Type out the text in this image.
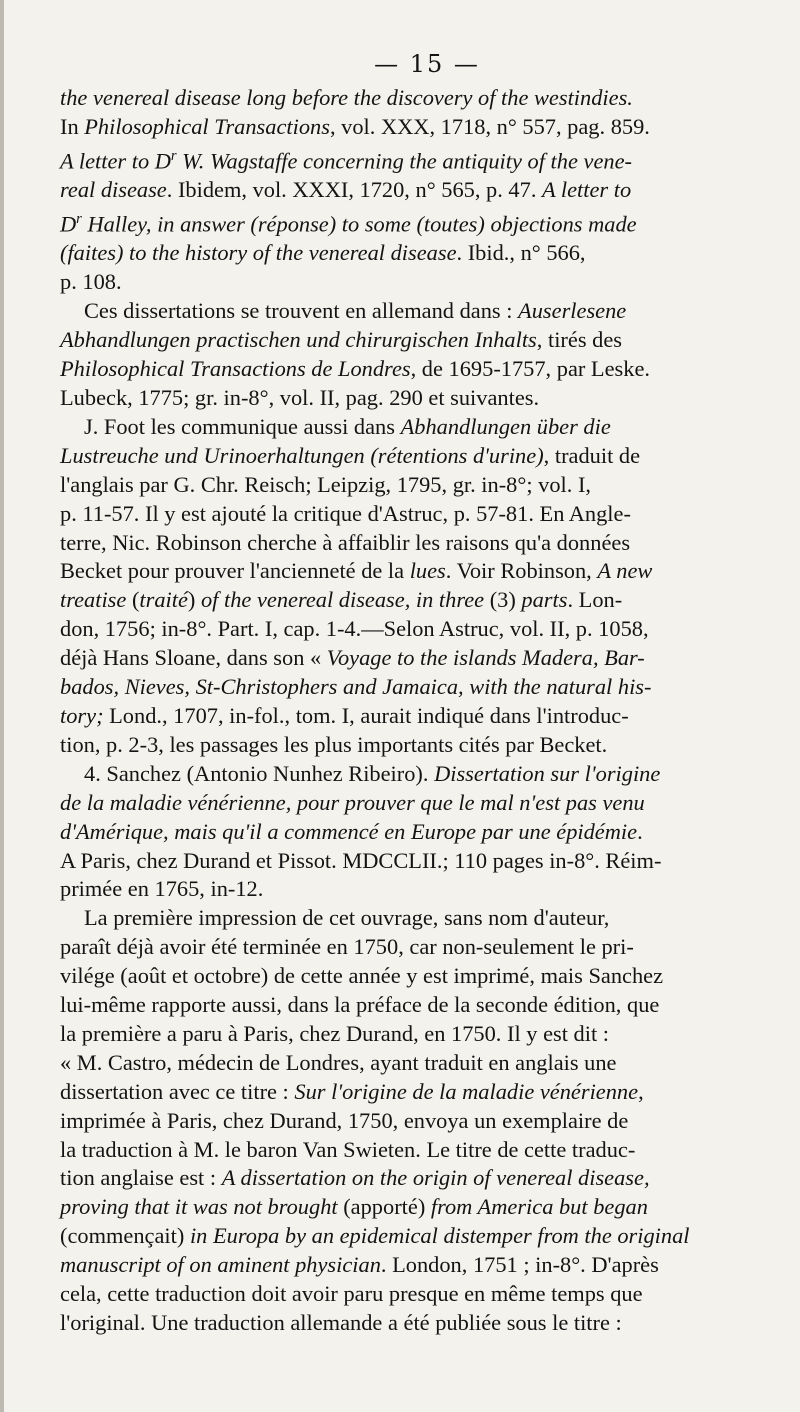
— 15 —
the venereal disease long before the discovery of the westindies.
In Philosophical Transactions, vol. XXX, 1718, n° 557, pag. 859.
A letter to $D^r$ W. Wagstaffe concerning the antiquity of the vene-
real disease. Ibidem, vol. XXXI, 1720, n° 565, p. 47. A letter to
$D^r$ Halley, in answer (réponse) to some (toutes) objections made
(faites) to the history of the venereal disease. Ibid., n° 566,
p. 108.
Ces dissertations se trouvent en allemand dans : Auserlesene
Abhandlungen practischen und chirurgischen Inhalts, tirés des
Philosophical Transactions de Londres, de 1695-1757, par Leske.
Lubeck, 1775; gr. in-8°, vol. II, pag. 290 et suivantes.
J. Foot les communique aussi dans Abhandlungen über die
Lustreuche und Urinoerhaltungen (rétentions d'urine), traduit de
l'anglais par G. Chr. Reisch; Leipzig, 1795, gr. in-8°; vol. I,
p. 11-57. Il y est ajouté la critique d'Astruc, p. 57-81. En Angle-
terre, Nic. Robinson cherche à affaiblir les raisons qu'a données
Becket pour prouver l'ancienneté de la lues. Voir Robinson, A new
treatise (traité) of the venereal disease, in three (3) parts. Lon-
don, 1756; in-8°. Part. I, cap. 1-4.—Selon Astruc, vol. II, p. 1058,
déjà Hans Sloane, dans son « Voyage to the islands Madera, Bar-
bados, Nieves, St-Christophers and Jamaica, with the natural his-
tory; Lond., 1707, in-fol., tom. I, aurait indiqué dans l'introduc-
tion, p. 2-3, les passages les plus importants cités par Becket.
4. Sanchez (Antonio Nunhez Ribeiro). Dissertation sur l'origine
de la maladie vénérienne, pour prouver que le mal n'est pas venu
d'Amérique, mais qu'il a commencé en Europe par une épidémie.
A Paris, chez Durand et Pissot. MDCCLII.; 110 pages in-8°. Réim-
primée en 1765, in-12.
La première impression de cet ouvrage, sans nom d'auteur,
paraît déjà avoir été terminée en 1750, car non-seulement le pri-
vilége (août et octobre) de cette année y est imprimé, mais Sanchez
lui-même rapporte aussi, dans la préface de la seconde édition, que
la première a paru à Paris, chez Durand, en 1750. Il y est dit :
« M. Castro, médecin de Londres, ayant traduit en anglais une
dissertation avec ce titre : Sur l'origine de la maladie vénérienne,
imprimée à Paris, chez Durand, 1750, envoya un exemplaire de
la traduction à M. le baron Van Swieten. Le titre de cette traduc-
tion anglaise est : A dissertation on the origin of venereal disease,
proving that it was not brought (apporté) from America but began
(commençait) in Europa by an epidemical distemper from the original
manuscript of on aminent physician. London, 1751 ; in-8°. D'après
cela, cette traduction doit avoir paru presque en même temps que
l'original. Une traduction allemande a été publiée sous le titre :
